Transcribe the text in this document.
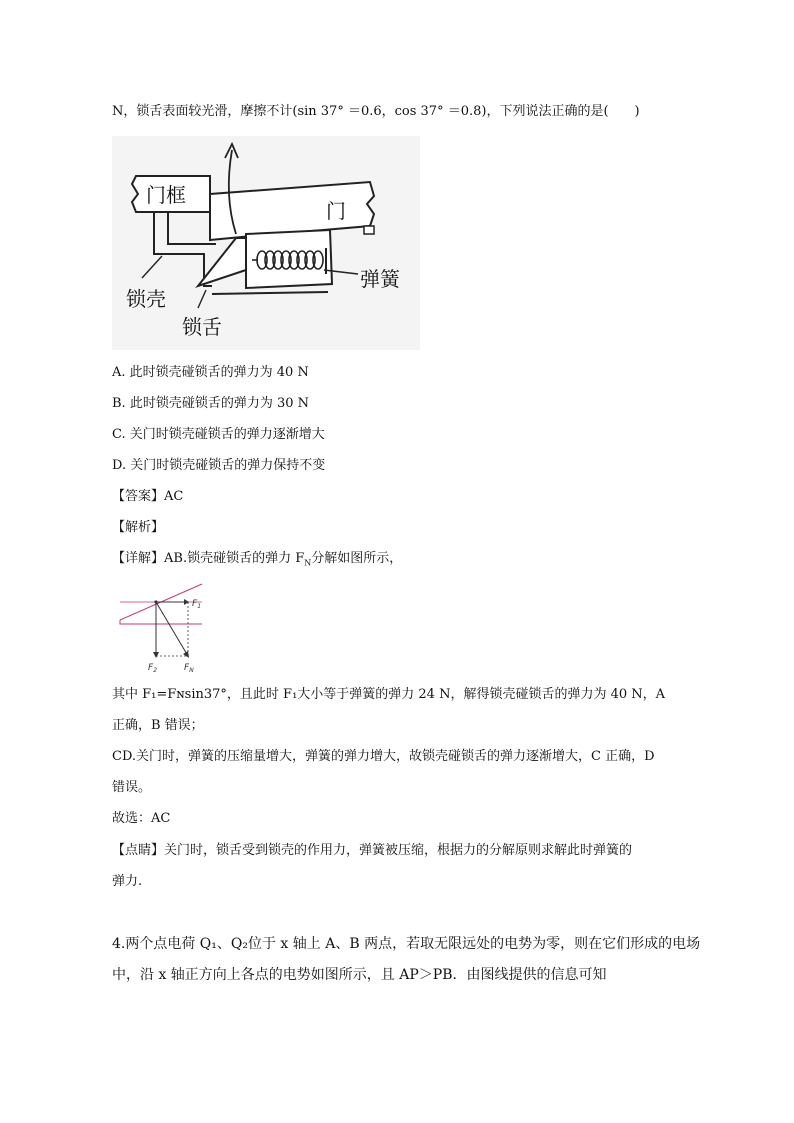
N，锁舌表面较光滑，摩擦不计(sin 37° ＝0.6，cos 37° ＝0.8)，下列说法正确的是(　　)
门框
门
弹簧
锁壳
锁舌
A. 此时锁壳碰锁舌的弹力为 40 N
B. 此时锁壳碰锁舌的弹力为 30 N
C. 关门时锁壳碰锁舌的弹力逐渐增大
D. 关门时锁壳碰锁舌的弹力保持不变
【答案】AC
【解析】
【详解】AB.锁壳碰锁舌的弹力 $F_N$分解如图所示，
$F_1$
$F_2$	$F_N$
其中 F₁=Fɴsin37°，且此时 F₁大小等于弹簧的弹力 24 N，解得锁壳碰锁舌的弹力为 40 N，A
正确，B 错误；
CD.关门时，弹簧的压缩量增大，弹簧的弹力增大，故锁壳碰锁舌的弹力逐渐增大，C 正确，D
错误。
故选：AC
【点睛】关门时，锁舌受到锁壳的作用力，弹簧被压缩，根据力的分解原则求解此时弹簧的
弹力.
4.两个点电荷 Q₁、Q₂位于 x 轴上 A、B 两点，若取无限远处的电势为零，则在它们形成的电场
中，沿 x 轴正方向上各点的电势如图所示，且 AP＞PB．由图线提供的信息可知
